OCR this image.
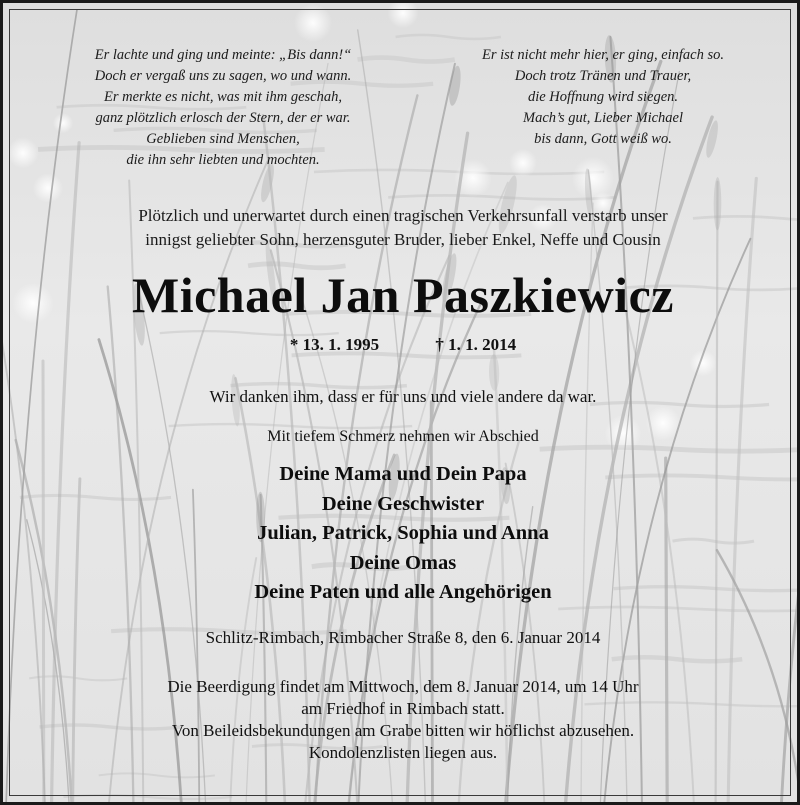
Er lachte und ging und meinte: „Bis dann!“
Doch er vergaß uns zu sagen, wo und wann.
Er merkte es nicht, was mit ihm geschah,
ganz plötzlich erlosch der Stern, der er war.
Geblieben sind Menschen,
die ihn sehr liebten und mochten.
Er ist nicht mehr hier, er ging, einfach so.
Doch trotz Tränen und Trauer,
die Hoffnung wird siegen.
Mach’s gut, Lieber Michael
bis dann, Gott weiß wo.
Plötzlich und unerwartet durch einen tragischen Verkehrsunfall verstarb unser
innigst geliebter Sohn, herzensguter Bruder, lieber Enkel, Neffe und Cousin
Michael Jan Paszkiewicz
* 13. 1. 1995	† 1. 1. 2014
Wir danken ihm, dass er für uns und viele andere da war.
Mit tiefem Schmerz nehmen wir Abschied
Deine Mama und Dein Papa
Deine Geschwister
Julian, Patrick, Sophia und Anna
Deine Omas
Deine Paten und alle Angehörigen
Schlitz-Rimbach, Rimbacher Straße 8, den 6. Januar 2014
Die Beerdigung findet am Mittwoch, dem 8. Januar 2014, um 14 Uhr
am Friedhof in Rimbach statt.
Von Beileidsbekundungen am Grabe bitten wir höflichst abzusehen.
Kondolenzlisten liegen aus.
